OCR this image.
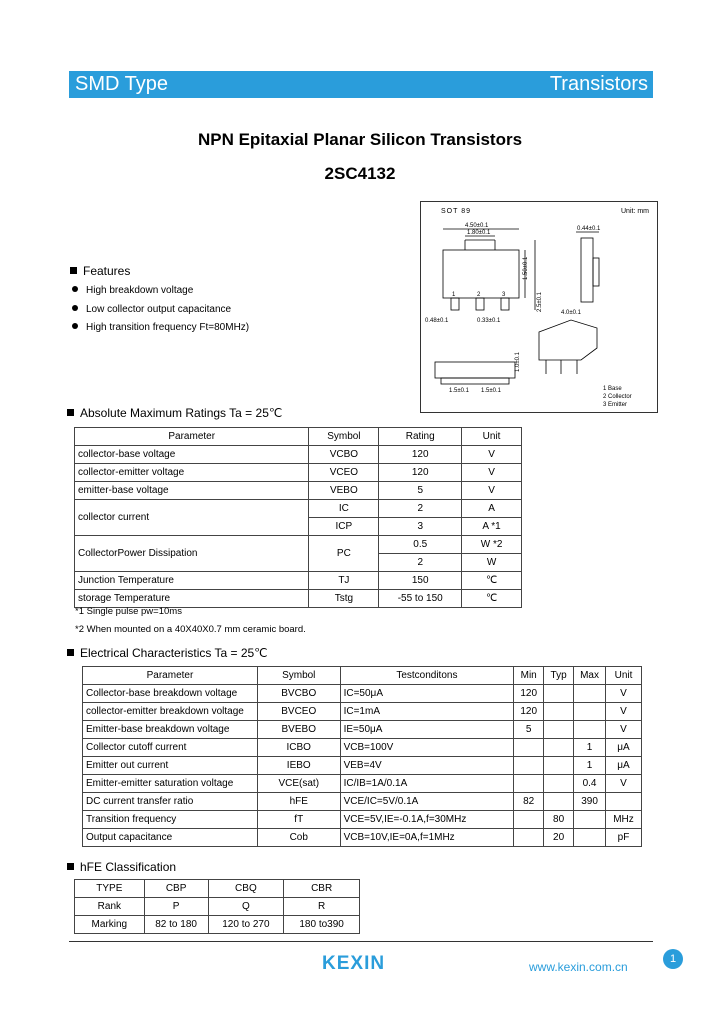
SMD Type	Transistors
NPN Epitaxial Planar Silicon Transistors
2SC4132
SOT 89	Unit: mm
4.50±0.1
1.80±0.1
0.48±0.1	0.33±0.1
1.50±0.1
0.44±0.1
2.5±0.1
1.0±0.1
4.0±0.1
1.5±0.1 1.5±0.1
1	2	3
1 Base
2 Collector
3 Emitter
Features
High breakdown voltage
Low collector output capacitance
High transition frequency Ft=80MHz)
Absolute Maximum Ratings Ta = 25℃
Parameter	Symbol	Rating	Unit
collector-base voltage	VCBO	120	V
collector-emitter voltage	VCEO	120	V
emitter-base voltage	VEBO	5	V
collector current	IC	2	A
	ICP	3	A *1
CollectorPower Dissipation	PC	0.5	W *2
		2	W
Junction Temperature	TJ	150	℃
storage Temperature	Tstg	-55 to 150	℃
*1 Single pulse pw=10ms
*2 When mounted on a 40X40X0.7 mm ceramic board.
Electrical Characteristics Ta = 25℃
Parameter	Symbol	Testconditons	Min	Typ	Max	Unit
Collector-base breakdown voltage	BVCBO	IC=50μA	120			V
collector-emitter breakdown voltage	BVCEO	IC=1mA	120			V
Emitter-base breakdown voltage	BVEBO	IE=50μA	5			V
Collector cutoff current	ICBO	VCB=100V			1	μA
Emitter out current	IEBO	VEB=4V			1	μA
Emitter-emitter saturation voltage	VCE(sat)	IC/IB=1A/0.1A			0.4	V
DC current transfer ratio	hFE	VCE/IC=5V/0.1A	82		390	
Transition frequency	fT	VCE=5V,IE=-0.1A,f=30MHz		80		MHz
Output capacitance	Cob	VCB=10V,IE=0A,f=1MHz		20		pF
hFE Classification
TYPE	CBP	CBQ	CBR
Rank	P	Q	R
Marking	82 to 180	120 to 270	180 to390
KEXIN	www.kexin.com.cn
1
